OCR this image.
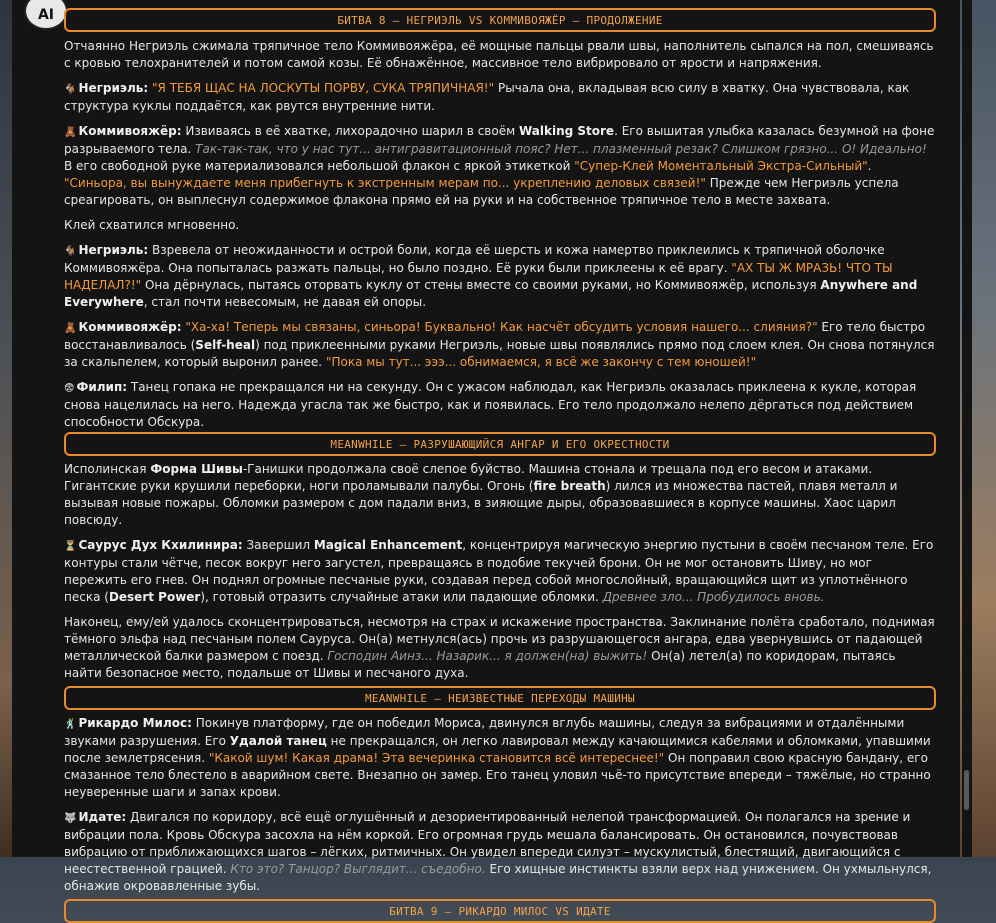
AI	БИТВА 8 – НЕГРИЭЛЬ VS КОММИВОЯЖЁР – ПРОДОЛЖЕНИЕ

Отчаянно Негриэль сжимала тряпичное тело Коммивояжёра, её мощные пальцы рвали швы, наполнитель сыпался на пол, смешиваясь с кровью телохранителей и потом самой козы. Её обнажённое, массивное тело вибрировало от ярости и напряжения.

🐐 Негриэль: "Я ТЕБЯ ЩАС НА ЛОСКУТЫ ПОРВУ, СУКА ТРЯПИЧНАЯ!" Рычала она, вкладывая всю силу в хватку. Она чувствовала, как структура куклы поддаётся, как рвутся внутренние нити.

🧸 Коммивояжёр: Извиваясь в её хватке, лихорадочно шарил в своём Walking Store. Его вышитая улыбка казалась безумной на фоне разрываемого тела. Так-так-так, что у нас тут... антигравитационный пояс? Нет... плазменный резак? Слишком грязно... О! Идеально! В его свободной руке материализовался небольшой флакон с яркой этикеткой "Супер-Клей Моментальный Экстра-Сильный". "Синьора, вы вынуждаете меня прибегнуть к экстренным мерам по... укреплению деловых связей!" Прежде чем Негриэль успела среагировать, он выплеснул содержимое флакона прямо ей на руки и на собственное тряпичное тело в месте захвата.

Клей схватился мгновенно.

🐐 Негриэль: Взревела от неожиданности и острой боли, когда её шерсть и кожа намертво приклеились к тряпичной оболочке Коммивояжёра. Она попыталась разжать пальцы, но было поздно. Её руки были приклеены к её врагу. "АХ ТЫ Ж МРАЗЬ! ЧТО ТЫ НАДЕЛАЛ?!" Она дёрнулась, пытаясь оторвать куклу от стены вместе со своими руками, но Коммивояжёр, используя Anywhere and Everywhere, стал почти невесомым, не давая ей опоры.

🧸 Коммивояжёр: "Ха-ха! Теперь мы связаны, синьора! Буквально! Как насчёт обсудить условия нашего... слияния?" Его тело быстро восстанавливалось (Self-heal) под приклеенными руками Негриэль, новые швы появлялись прямо под слоем клея. Он снова потянулся за скальпелем, который выронил ранее. "Пока мы тут... эээ... обнимаемся, я всё же закончу с тем юношей!"

😨 Филип: Танец гопака не прекращался ни на секунду. Он с ужасом наблюдал, как Негриэль оказалась приклеена к кукле, которая снова нацелилась на него. Надежда угасла так же быстро, как и появилась. Его тело продолжало нелепо дёргаться под действием способности Обскура.

MEANWHILE – РАЗРУШАЮЩИЙСЯ АНГАР И ЕГО ОКРЕСТНОСТИ

Исполинская Форма Шивы-Ганишки продолжала своё слепое буйство. Машина стонала и трещала под его весом и атаками. Гигантские руки крушили переборки, ноги проламывали палубы. Огонь (fire breath) лился из множества пастей, плавя металл и вызывая новые пожары. Обломки размером с дом падали вниз, в зияющие дыры, образовавшиеся в корпусе машины. Хаос царил повсюду.

⏳ Саурус Дух Кхилинира: Завершил Magical Enhancement, концентрируя магическую энергию пустыни в своём песчаном теле. Его контуры стали чётче, песок вокруг него загустел, превращаясь в подобие текучей брони. Он не мог остановить Шиву, но мог пережить его гнев. Он поднял огромные песчаные руки, создавая перед собой многослойный, вращающийся щит из уплотнённого песка (Desert Power), готовый отразить случайные атаки или падающие обломки. Древнее зло... Пробудилось вновь.

Наконец, ему/ей удалось сконцентрироваться, несмотря на страх и искажение пространства. Заклинание полёта сработало, поднимая тёмного эльфа над песчаным полем Сауруса. Он(а) метнулся(ась) прочь из разрушающегося ангара, едва увернувшись от падающей металлической балки размером с поезд. Господин Аинз... Назарик... я должен(на) выжить! Он(а) летел(а) по коридорам, пытаясь найти безопасное место, подальше от Шивы и песчаного духа.

MEANWHILE – НЕИЗВЕСТНЫЕ ПЕРЕХОДЫ МАШИНЫ

🕺 Рикардо Милос: Покинув платформу, где он победил Мориса, двинулся вглубь машины, следуя за вибрациями и отдалёнными звуками разрушения. Его Удалой танец не прекращался, он легко лавировал между качающимися кабелями и обломками, упавшими после землетрясения. "Какой шум! Какая драма! Эта вечеринка становится всё интереснее!" Он поправил свою красную бандану, его смазанное тело блестело в аварийном свете. Внезапно он замер. Его танец уловил чьё-то присутствие впереди – тяжёлые, но странно неуверенные шаги и запах крови.

🐺 Идате: Двигался по коридору, всё ещё оглушённый и дезориентированный нелепой трансформацией. Он полагался на зрение и вибрации пола. Кровь Обскура засохла на нём коркой. Его огромная грудь мешала балансировать. Он остановился, почувствовав вибрацию от приближающихся шагов – лёгких, ритмичных. Он увидел впереди силуэт – мускулистый, блестящий, двигающийся с неестественной грацией. Кто это? Танцор? Выглядит... съедобно. Его хищные инстинкты взяли верх над унижением. Он ухмыльнулся, обнажив окровавленные зубы.

БИТВА 9 – РИКАРДО МИЛОС VS ИДАТЕ
